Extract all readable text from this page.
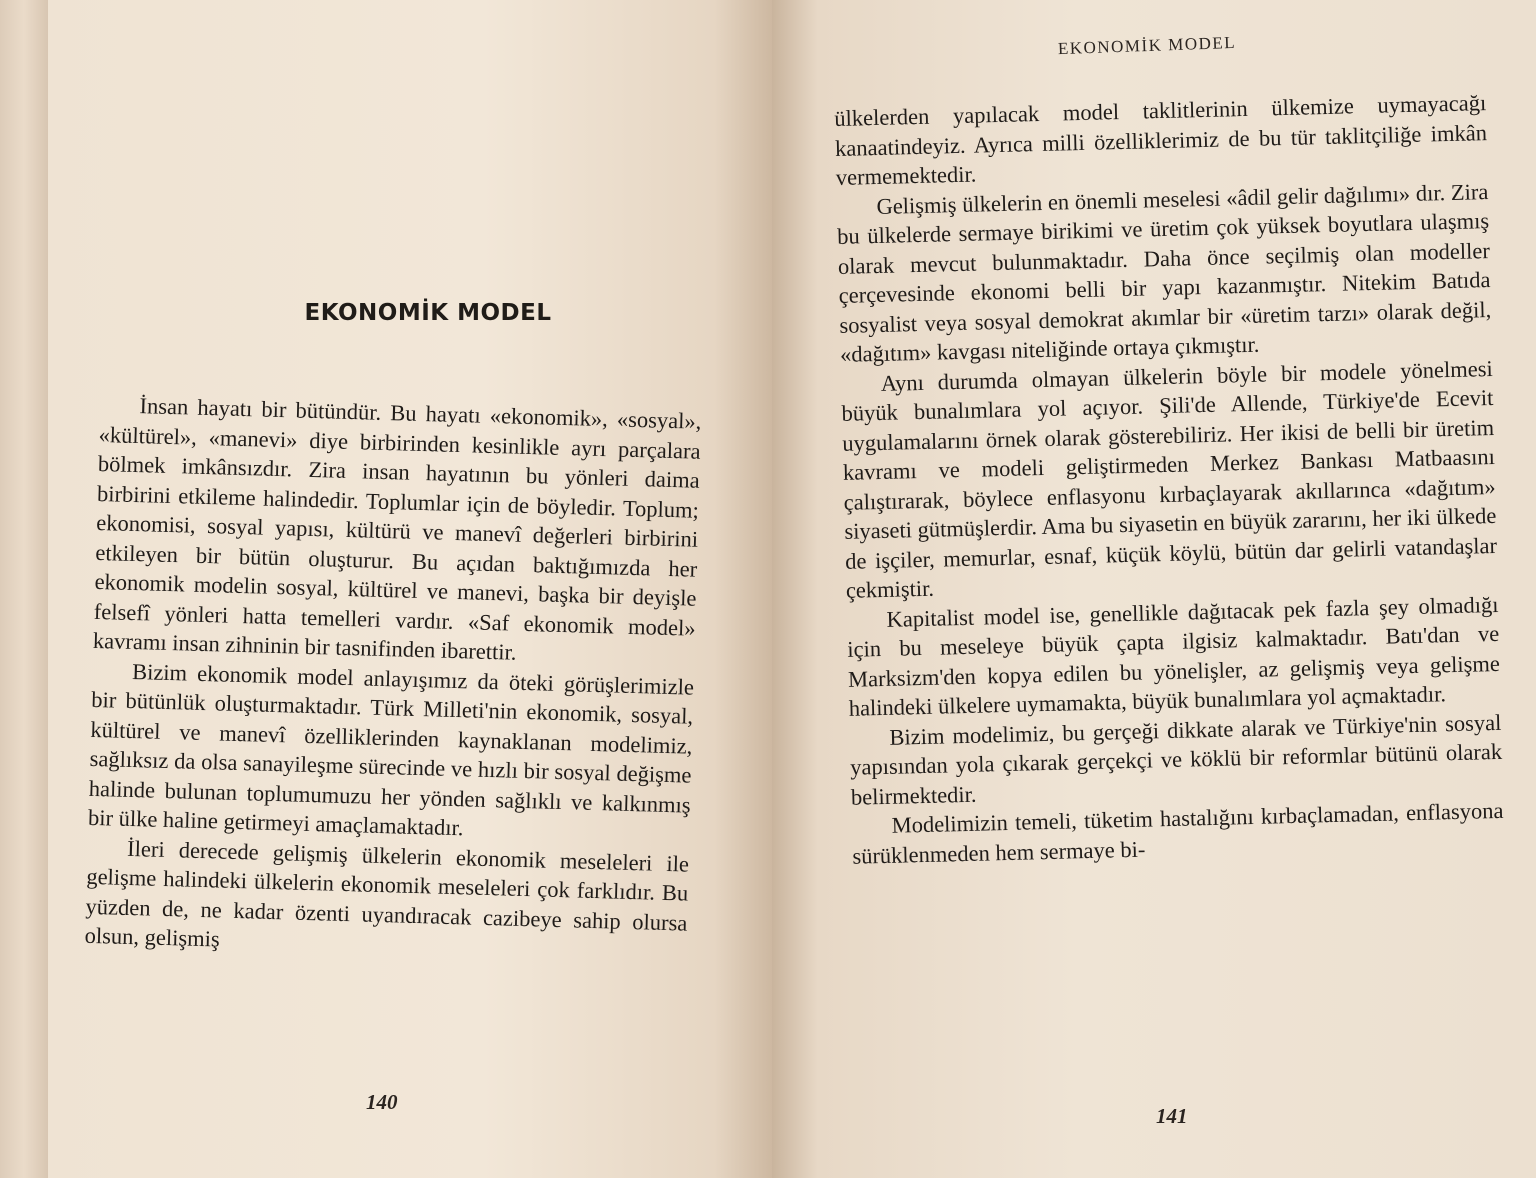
EKONOMİK MODEL

İnsan hayatı bir bütündür. Bu hayatı «ekonomik», «sosyal», «kültürel», «manevi» diye birbirinden kesinlikle ayrı parçalara bölmek imkânsızdır. Zira insan hayatının bu yönleri daima birbirini etkileme halindedir. Toplumlar için de böyledir. Toplum; ekonomisi, sosyal yapısı, kültürü ve manevî değerleri birbirini etkileyen bir bütün oluşturur. Bu açıdan baktığımızda her ekonomik modelin sosyal, kültürel ve manevi, başka bir deyişle felsefî yönleri hatta temelleri vardır. «Saf ekonomik model» kavramı insan zihninin bir tasnifinden ibarettir.

Bizim ekonomik model anlayışımız da öteki görüşlerimizle bir bütünlük oluşturmaktadır. Türk Milleti'nin ekonomik, sosyal, kültürel ve manevî özelliklerinden kaynaklanan modelimiz, sağlıksız da olsa sanayileşme sürecinde ve hızlı bir sosyal değişme halinde bulunan toplumumuzu her yönden sağlıklı ve kalkınmış bir ülke haline getirmeyi amaçlamaktadır.

İleri derecede gelişmiş ülkelerin ekonomik meseleleri ile gelişme halindeki ülkelerin ekonomik meseleleri çok farklıdır. Bu yüzden de, ne kadar özenti uyandıracak cazibeye sahip olursa olsun, gelişmiş

140
EKONOMİK MODEL

ülkelerden yapılacak model taklitlerinin ülkemize uymayacağı kanaatindeyiz. Ayrıca milli özelliklerimiz de bu tür taklitçiliğe imkân vermemektedir.

Gelişmiş ülkelerin en önemli meselesi «âdil gelir dağılımı» dır. Zira bu ülkelerde sermaye birikimi ve üretim çok yüksek boyutlara ulaşmış olarak mevcut bulunmaktadır. Daha önce seçilmiş olan modeller çerçevesinde ekonomi belli bir yapı kazanmıştır. Nitekim Batıda sosyalist veya sosyal demokrat akımlar bir «üretim tarzı» olarak değil, «dağıtım» kavgası niteliğinde ortaya çıkmıştır.

Aynı durumda olmayan ülkelerin böyle bir modele yönelmesi büyük bunalımlara yol açıyor. Şili'de Allende, Türkiye'de Ecevit uygulamalarını örnek olarak gösterebiliriz. Her ikisi de belli bir üretim kavramı ve modeli geliştirmeden Merkez Bankası Matbaasını çalıştırarak, böylece enflasyonu kırbaçlayarak akıllarınca «dağıtım» siyaseti gütmüşlerdir. Ama bu siyasetin en büyük zararını, her iki ülkede de işçiler, memurlar, esnaf, küçük köylü, bütün dar gelirli vatandaşlar çekmiştir.

Kapitalist model ise, genellikle dağıtacak pek fazla şey olmadığı için bu meseleye büyük çapta ilgisiz kalmaktadır. Batı'dan ve Marksizm'den kopya edilen bu yönelişler, az gelişmiş veya gelişme halindeki ülkelere uymamakta, büyük bunalımlara yol açmaktadır.

Bizim modelimiz, bu gerçeği dikkate alarak ve Türkiye'nin sosyal yapısından yola çıkarak gerçekçi ve köklü bir reformlar bütünü olarak belirmektedir.

Modelimizin temeli, tüketim hastalığını kırbaçlamadan, enflasyona sürüklenmeden hem sermaye bi-

141
